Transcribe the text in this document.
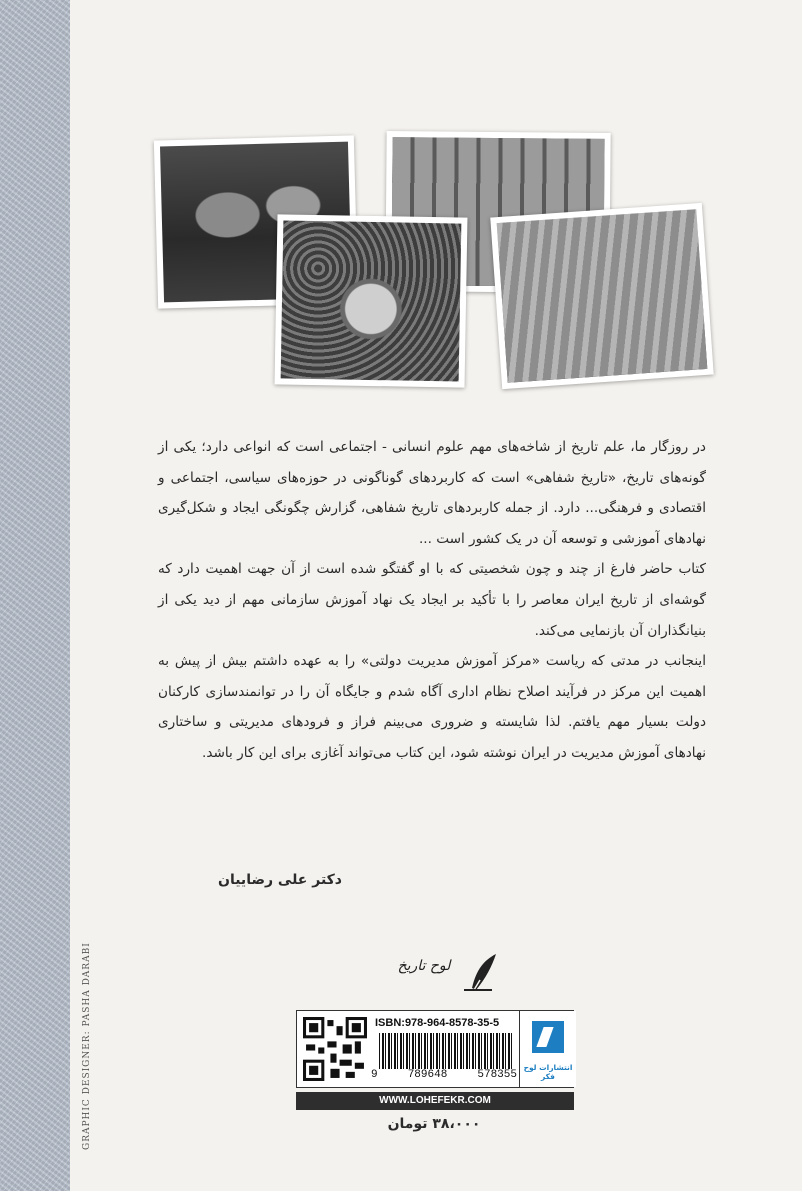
GRAPHIC DESIGNER: PASHA DARABI

در روزگار ما، علم تاریخ از شاخه‌های مهم علوم انسانی - اجتماعی است که انواعی دارد؛ یکی از گونه‌های تاریخ، «تاریخ شفاهی» است که کاربردهای گوناگونی در حوزه‌های سیاسی، اجتماعی و اقتصادی و فرهنگی... دارد. از جمله کاربردهای تاریخ شفاهی، گزارش چگونگی ایجاد و شکل‌گیری نهادهای آموزشی و توسعه آن در یک کشور است ...

کتاب حاضر فارغ از چند و چون شخصیتی که با او گفتگو شده است از آن جهت اهمیت دارد که گوشه‌ای از تاریخ ایران معاصر را با تأکید بر ایجاد یک نهاد آموزش سازمانی مهم از دید یکی از بنیانگذاران آن بازنمایی می‌کند.

اینجانب در مدتی که ریاست «مرکز آموزش مدیریت دولتی» را به عهده داشتم بیش از پیش به اهمیت این مرکز در فرآیند اصلاح نظام اداری آگاه شدم و جایگاه آن را در توانمندسازی کارکنان دولت بسیار مهم یافتم. لذا شایسته و ضروری می‌بینم فراز و فرودهای مدیریتی و ساختاری نهادهای آموزش مدیریت در ایران نوشته شود، این کتاب می‌تواند آغازی برای این کار باشد.

دکتر علی رضاییان
لوح تاریخ
ISBN:978-964-8578-35-5
9	789648	578355
انتشارات لوح فکر
WWW.LOHEFEKR.COM
۳۸،۰۰۰ تومان
